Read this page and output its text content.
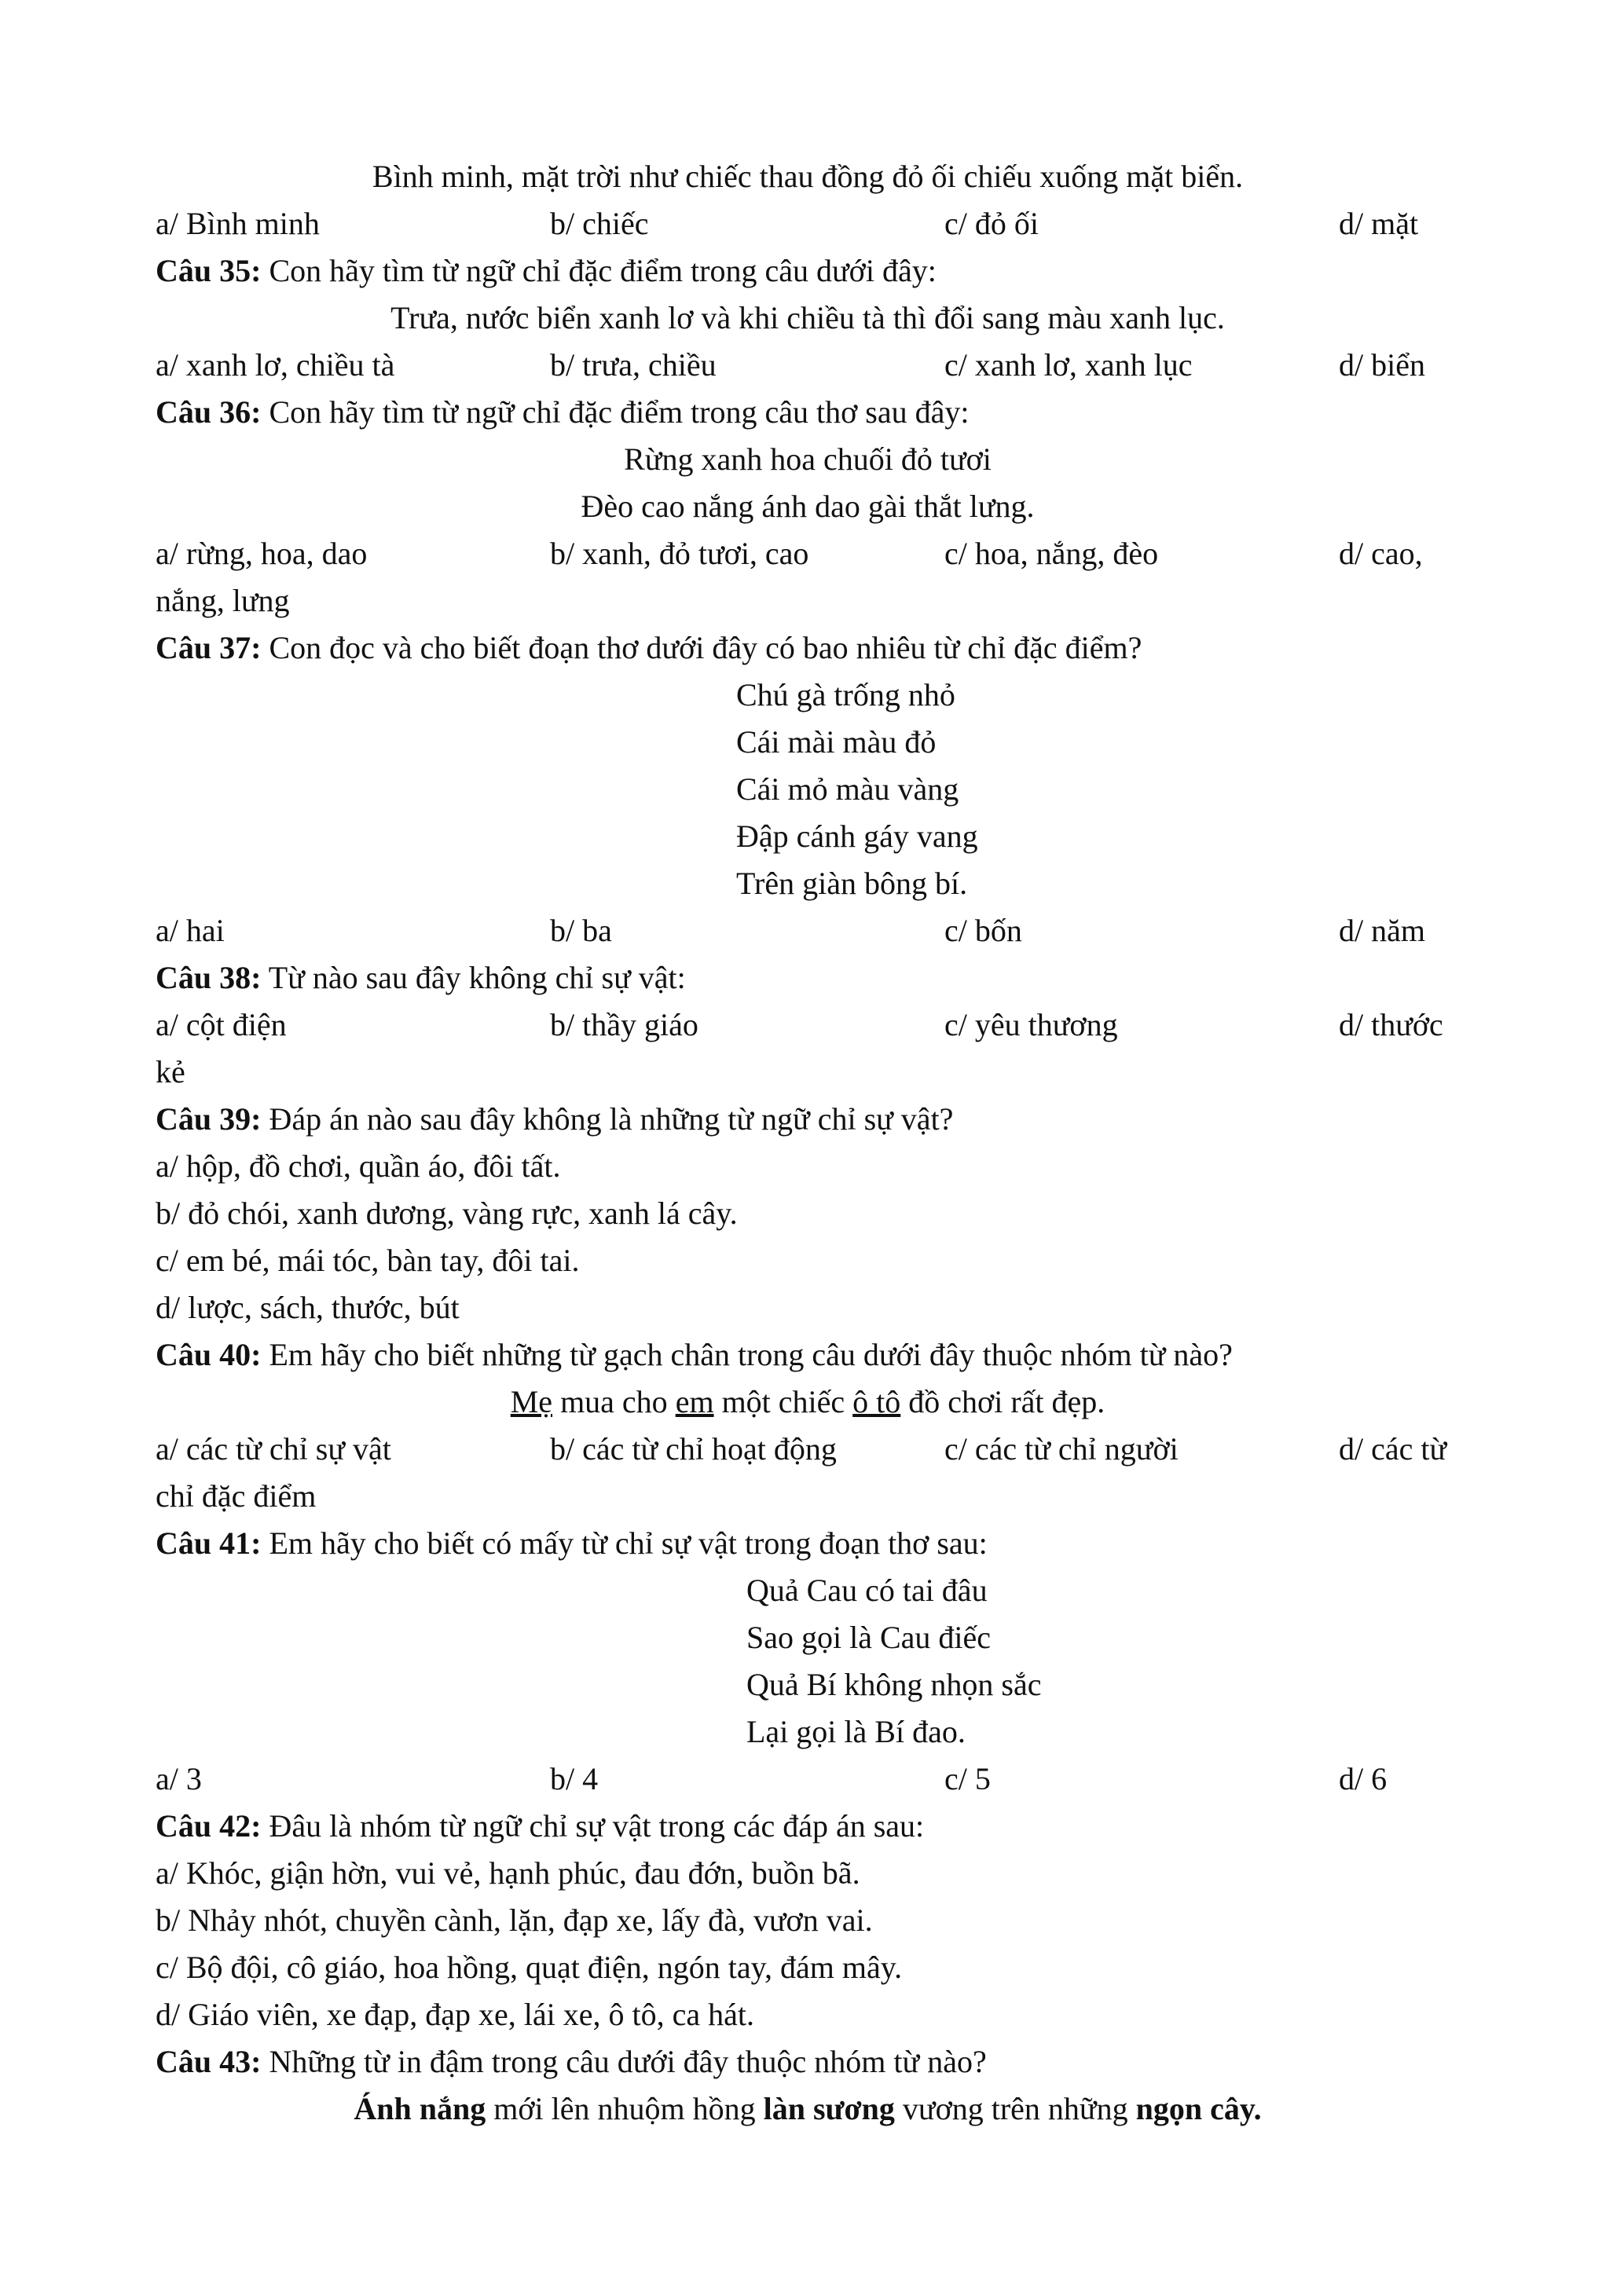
Bình minh, mặt trời như chiếc thau đồng đỏ ối chiếu xuống mặt biển.
a/ Bình minh	b/ chiếc	c/ đỏ ối	d/ mặt
Câu 35: Con hãy tìm từ ngữ chỉ đặc điểm trong câu dưới đây:
Trưa, nước biển xanh lơ và khi chiều tà thì đổi sang màu xanh lục.
a/ xanh lơ, chiều tà	b/ trưa, chiều	c/ xanh lơ, xanh lục	d/ biển
Câu 36: Con hãy tìm từ ngữ chỉ đặc điểm trong câu thơ sau đây:
Rừng xanh hoa chuối đỏ tươi
Đèo cao nắng ánh dao gài thắt lưng.
a/ rừng, hoa, dao	b/ xanh, đỏ tươi, cao	c/ hoa, nắng, đèo	d/ cao,
nắng, lưng
Câu 37: Con đọc và cho biết đoạn thơ dưới đây có bao nhiêu từ chỉ đặc điểm?
Chú gà trống nhỏ
Cái mài màu đỏ
Cái mỏ màu vàng
Đập cánh gáy vang
Trên giàn bông bí.
a/ hai	b/ ba	c/ bốn	d/ năm
Câu 38: Từ nào sau đây không chỉ sự vật:
a/ cột điện	b/ thầy giáo	c/ yêu thương	d/ thước
kẻ
Câu 39: Đáp án nào sau đây không là những từ ngữ chỉ sự vật?
a/ hộp, đồ chơi, quần áo, đôi tất.
b/ đỏ chói, xanh dương, vàng rực, xanh lá cây.
c/ em bé, mái tóc, bàn tay, đôi tai.
d/ lược, sách, thước, bút
Câu 40: Em hãy cho biết những từ gạch chân trong câu dưới đây thuộc nhóm từ nào?
Mẹ mua cho em một chiếc ô tô đồ chơi rất đẹp.
a/ các từ chỉ sự vật	b/ các từ chỉ hoạt động	c/ các từ chỉ người	d/ các từ
chỉ đặc điểm
Câu 41: Em hãy cho biết có mấy từ chỉ sự vật trong đoạn thơ sau:
Quả Cau có tai đâu
Sao gọi là Cau điếc
Quả Bí không nhọn sắc
Lại gọi là Bí đao.
a/ 3	b/ 4	c/ 5	d/ 6
Câu 42: Đâu là nhóm từ ngữ chỉ sự vật trong các đáp án sau:
a/ Khóc, giận hờn, vui vẻ, hạnh phúc, đau đớn, buồn bã.
b/ Nhảy nhót, chuyền cành, lặn, đạp xe, lấy đà, vươn vai.
c/ Bộ đội, cô giáo, hoa hồng, quạt điện, ngón tay, đám mây.
d/ Giáo viên, xe đạp, đạp xe, lái xe, ô tô, ca hát.
Câu 43: Những từ in đậm trong câu dưới đây thuộc nhóm từ nào?
Ánh nắng mới lên nhuộm hồng làn sương vương trên những ngọn cây.
